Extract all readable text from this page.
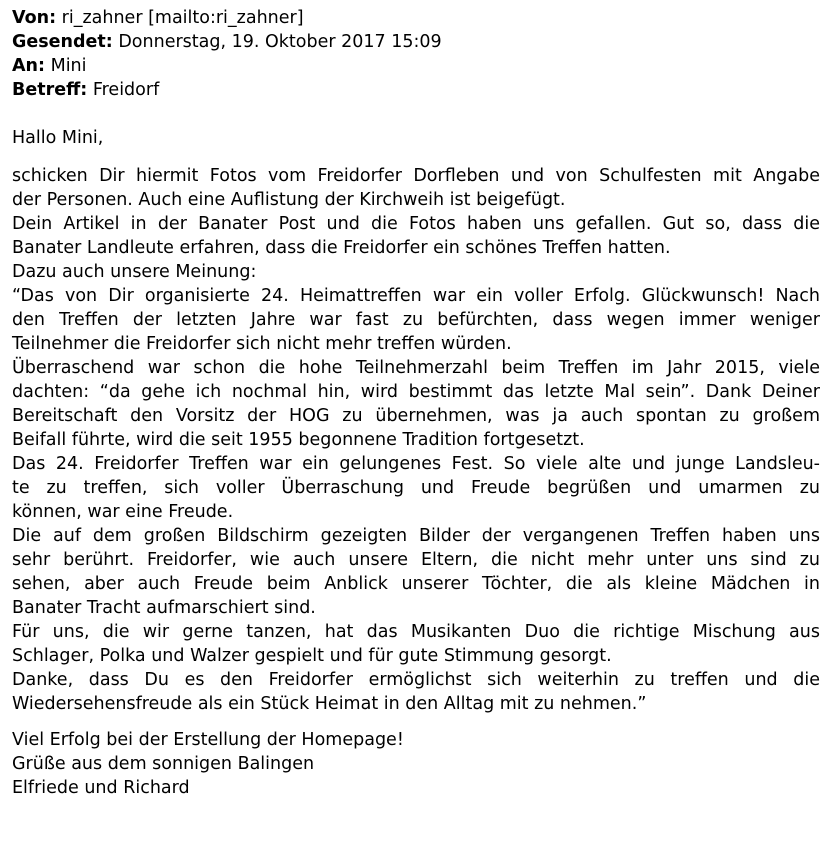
Von: ri_zahner [mailto:ri_zahner]
Gesendet: Donnerstag, 19. Oktober 2017 15:09
An: Mini
Betreff: Freidorf
Hallo Mini,
schicken Dir hiermit Fotos vom Freidorfer Dorfleben und von Schulfesten mit Angabe
der Personen. Auch eine Auflistung der Kirchweih ist beigefügt.
Dein Artikel in der Banater Post und die Fotos haben uns gefallen. Gut so, dass die
Banater Landleute erfahren, dass die Freidorfer ein schönes Treffen hatten.
Dazu auch unsere Meinung:
“Das von Dir organisierte 24. Heimattreffen war ein voller Erfolg. Glückwunsch! Nach
den Treffen der letzten Jahre war fast zu befürchten, dass wegen immer weniger
Teilnehmer die Freidorfer sich nicht mehr treffen würden.
Überraschend war schon die hohe Teilnehmerzahl beim Treffen im Jahr 2015, viele
dachten: “da gehe ich nochmal hin, wird bestimmt das letzte Mal sein”. Dank Deiner
Bereitschaft den Vorsitz der HOG zu übernehmen, was ja auch spontan zu großem
Beifall führte, wird die seit 1955 begonnene Tradition fortgesetzt.
Das 24. Freidorfer Treffen war ein gelungenes Fest. So viele alte und junge Landsleu-
te zu treffen, sich voller Überraschung und Freude begrüßen und umarmen zu
können, war eine Freude.
Die auf dem großen Bildschirm gezeigten Bilder der vergangenen Treffen haben uns
sehr berührt. Freidorfer, wie auch unsere Eltern, die nicht mehr unter uns sind zu
sehen, aber auch Freude beim Anblick unserer Töchter, die als kleine Mädchen in
Banater Tracht aufmarschiert sind.
Für uns, die wir gerne tanzen, hat das Musikanten Duo die richtige Mischung aus
Schlager, Polka und Walzer gespielt und für gute Stimmung gesorgt.
Danke, dass Du es den Freidorfer ermöglichst sich weiterhin zu treffen und die
Wiedersehensfreude als ein Stück Heimat in den Alltag mit zu nehmen.”
Viel Erfolg bei der Erstellung der Homepage!
Grüße aus dem sonnigen Balingen
Elfriede und Richard
